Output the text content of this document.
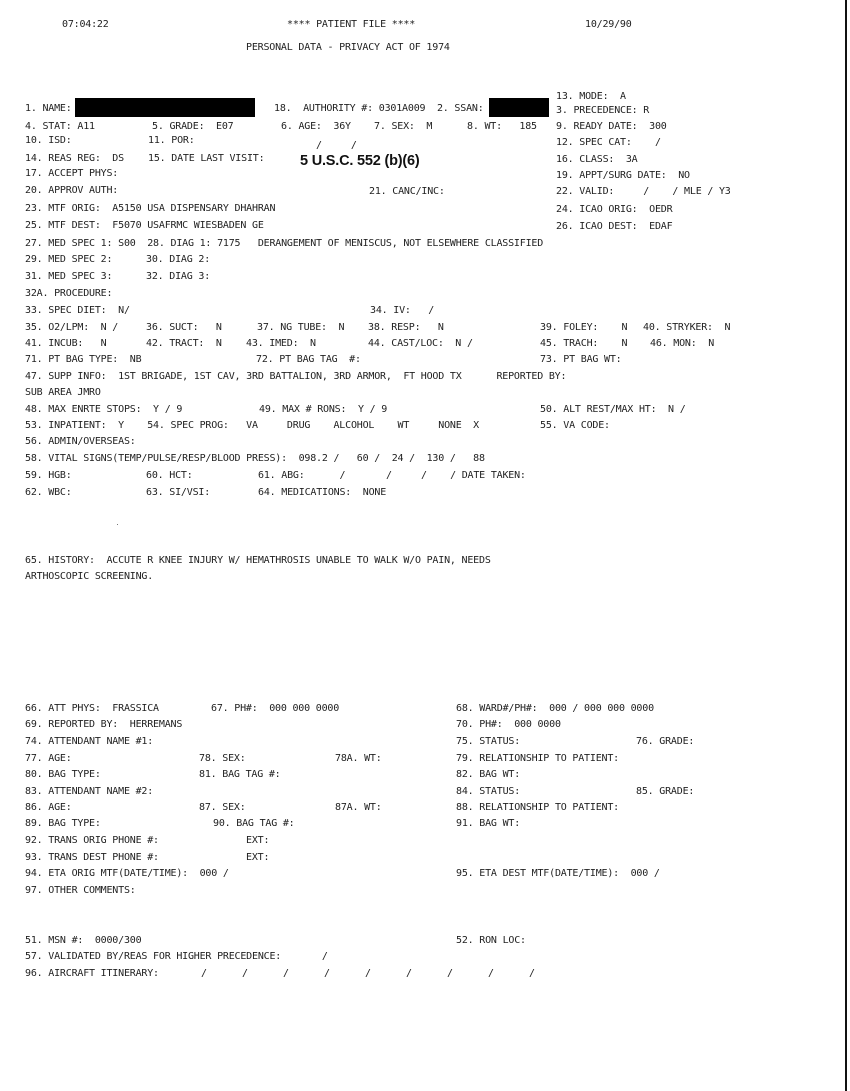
07:04:22	**** PATIENT FILE ****	10/29/90
PERSONAL DATA - PRIVACY ACT OF 1974
5 U.S.C. 552 (b)(6)
13. MODE:  A
1. NAME:	18.  AUTHORITY #: 0301A009  2. SSAN:	3. PRECEDENCE: R
4. STAT: A11	5. GRADE:  E07	6. AGE:  36Y 7. SEX:  M	8. WT:   185 9. READY DATE:  300
10. ISD:	11. POR:	/     /	12. SPEC CAT:    /
14. REAS REG:  DS 15. DATE LAST VISIT:	16. CLASS:  3A
17. ACCEPT PHYS:	19. APPT/SURG DATE:  NO
20. APPROV AUTH:	21. CANC/INC:	22. VALID:     /    / MLE / Y3
23. MTF ORIG:  A5150 USA DISPENSARY DHAHRAN	24. ICAO ORIG:  OEDR
25. MTF DEST:  F5070 USAFRMC WIESBADEN GE	26. ICAO DEST:  EDAF
27. MED SPEC 1: S00  28. DIAG 1: 7175   DERANGEMENT OF MENISCUS, NOT ELSEWHERE CLASSIFIED
29. MED SPEC 2:	30. DIAG 2:
31. MED SPEC 3:	32. DIAG 3:
32A. PROCEDURE:
33. SPEC DIET:  N/	34. IV:   /
35. O2/LPM:  N /	36. SUCT:   N	37. NG TUBE:  N 38. RESP:   N	39. FOLEY:    N 40. STRYKER:  N
41. INCUB:   N	42. TRACT:  N 43. IMED:  N	44. CAST/LOC:  N /	45. TRACH:    N 46. MON:  N
71. PT BAG TYPE:  NB	72. PT BAG TAG  #:	73. PT BAG WT:
47. SUPP INFO:  1ST BRIGADE, 1ST CAV, 3RD BATTALION, 3RD ARMOR,  FT HOOD TX      REPORTED BY:
SUB AREA JMRO
48. MAX ENRTE STOPS:  Y / 9	49. MAX # RONS:  Y / 9	50. ALT REST/MAX HT:  N /
53. INPATIENT:  Y    54. SPEC PROG:   VA     DRUG    ALCOHOL    WT     NONE  X	55. VA CODE:
56. ADMIN/OVERSEAS:
58. VITAL SIGNS(TEMP/PULSE/RESP/BLOOD PRESS):  098.2 /   60 /  24 /  130 /   88
59. HGB:	60. HCT:	61. ABG:      /       /     /    / DATE TAKEN:
62. WBC:	63. SI/VSI:	64. MEDICATIONS:  NONE
65. HISTORY:  ACCUTE R KNEE INJURY W/ HEMATHROSIS UNABLE TO WALK W/O PAIN, NEEDS
ARTHOSCOPIC SCREENING.
66. ATT PHYS:  FRASSICA	67. PH#:  000 000 0000	68. WARD#/PH#:  000 / 000 000 0000
69. REPORTED BY:  HERREMANS	70. PH#:  000 0000
74. ATTENDANT NAME #1:	75. STATUS:	76. GRADE:
77. AGE:	78. SEX:	78A. WT:	79. RELATIONSHIP TO PATIENT:
80. BAG TYPE:	81. BAG TAG #:	82. BAG WT:
83. ATTENDANT NAME #2:	84. STATUS:	85. GRADE:
86. AGE:	87. SEX:	87A. WT:	88. RELATIONSHIP TO PATIENT:
89. BAG TYPE:	90. BAG TAG #:	91. BAG WT:
92. TRANS ORIG PHONE #:	EXT:
93. TRANS DEST PHONE #:	EXT:
94. ETA ORIG MTF(DATE/TIME):  000 /	95. ETA DEST MTF(DATE/TIME):  000 /
97. OTHER COMMENTS:
51. MSN #:  0000/300	52. RON LOC:
57. VALIDATED BY/REAS FOR HIGHER PRECEDENCE:       /
96. AIRCRAFT ITINERARY:	/	/	/	/	/	/	/	/	/
